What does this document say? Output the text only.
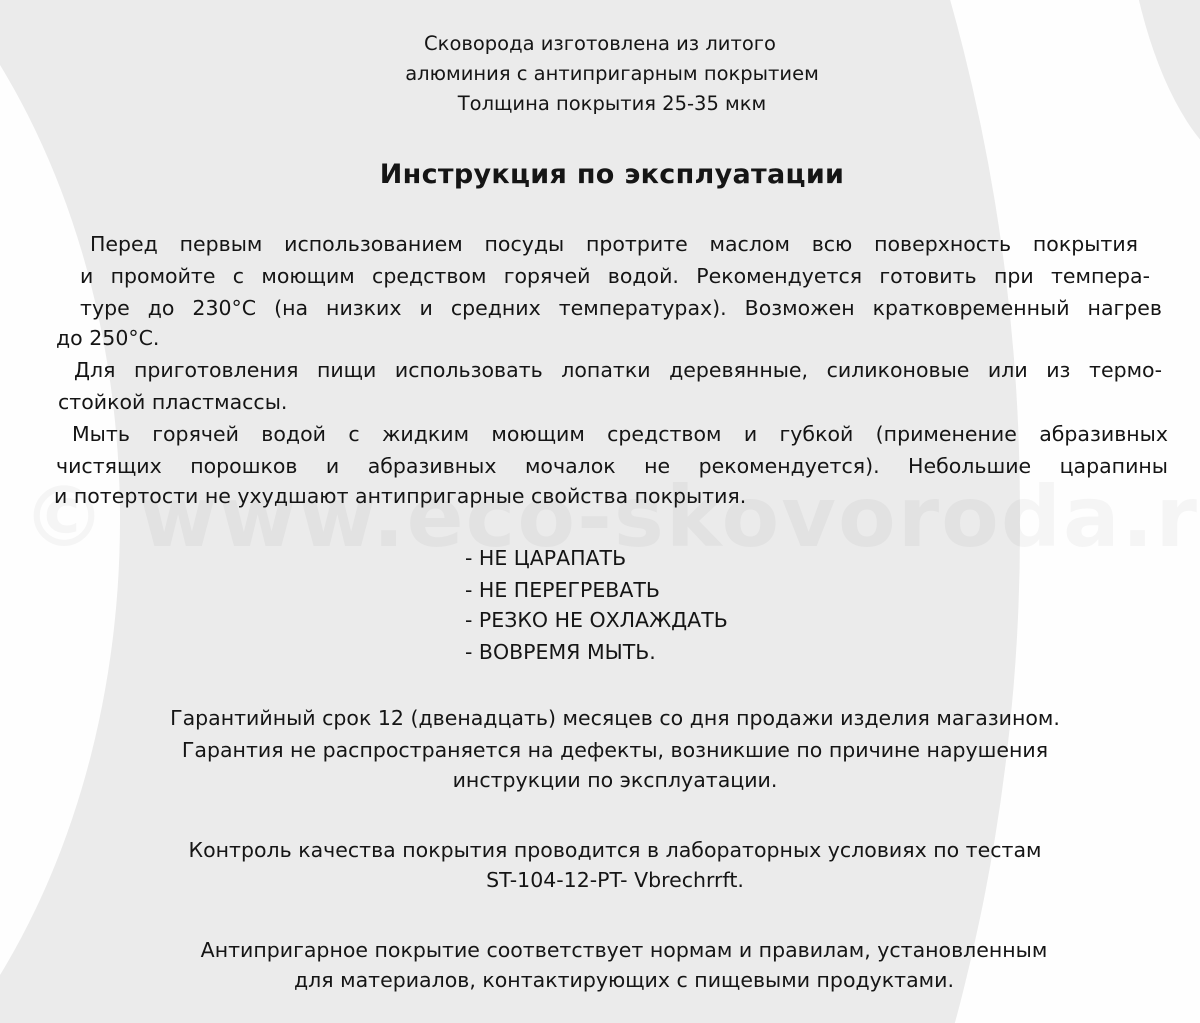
Сковорода изготовлена из литого
алюминия с антипригарным покрытием
Толщина покрытия 25-35 мкм
Инструкция по эксплуатации
Перед первым использованием посуды протрите маслом всю поверхность покрытия
и промойте с моющим средством горячей водой. Рекомендуется готовить при темпера-
туре до 230°С (на низких и средних температурах). Возможен кратковременный нагрев
до 250°С.
Для приготовления пищи использовать лопатки деревянные, силиконовые или из термо-
стойкой пластмассы.
Мыть горячей водой с жидким моющим средством и губкой (применение абразивных
чистящих порошков и абразивных мочалок не рекомендуется). Небольшие царапины
и потертости не ухудшают антипригарные свойства покрытия.
- НЕ ЦАРАПАТЬ
- НЕ ПЕРЕГРЕВАТЬ
- РЕЗКО НЕ ОХЛАЖДАТЬ
- ВОВРЕМЯ МЫТЬ.
Гарантийный срок 12 (двенадцать) месяцев со дня продажи изделия магазином.
Гарантия не распространяется на дефекты, возникшие по причине нарушения
инструкции по эксплуатации.
Контроль качества покрытия проводится в лабораторных условиях по тестам
ST-104-12-PT- Vbrechrrft.
Антипригарное покрытие соответствует нормам и правилам, установленным
для материалов, контактирующих с пищевыми продуктами.
